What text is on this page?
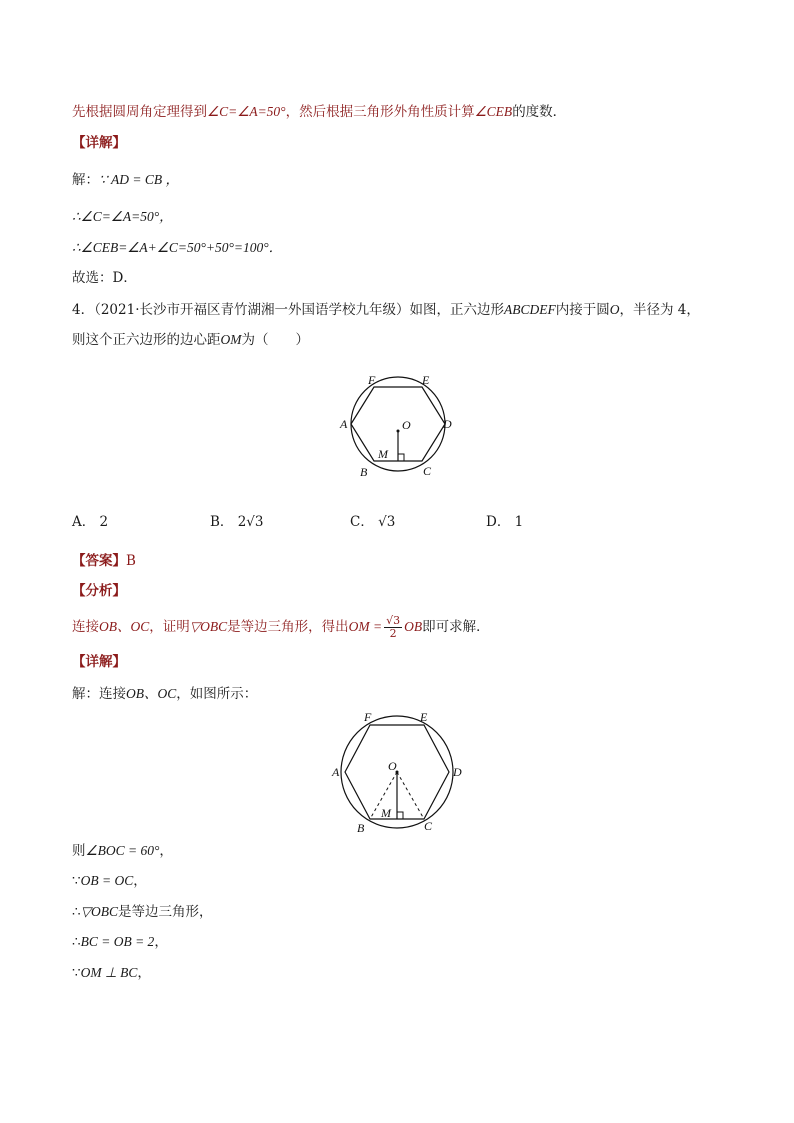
先根据圆周角定理得到∠C=∠A=50°，然后根据三角形外角性质计算∠CEB的度数．
【详解】
解：∵ AD = CB ，
∴∠C=∠A=50°，
∴∠CEB=∠A+∠C=50°+50°=100°．
故选：D．
4．（2021·长沙市开福区青竹湖湘一外国语学校九年级）如图，正六边形ABCDEF内接于圆O，半径为 4，
则这个正六边形的边心距OM为（　　）
F	E
A	O	D
M
B	C
A． 2	B． 2√3	C． √3	D． 1
【答案】B
【分析】
连接OB、OC，证明▽OBC是等边三角形，得出OM = $\frac{√3}{2}$ OB即可求解．
【详解】
解：连接OB、OC，如图所示：
F	E
A	O	D
M
B	C
则∠BOC = 60°，
∵OB = OC，
∴▽OBC是等边三角形，
∴BC = OB = 2，
∵OM ⊥ BC，
